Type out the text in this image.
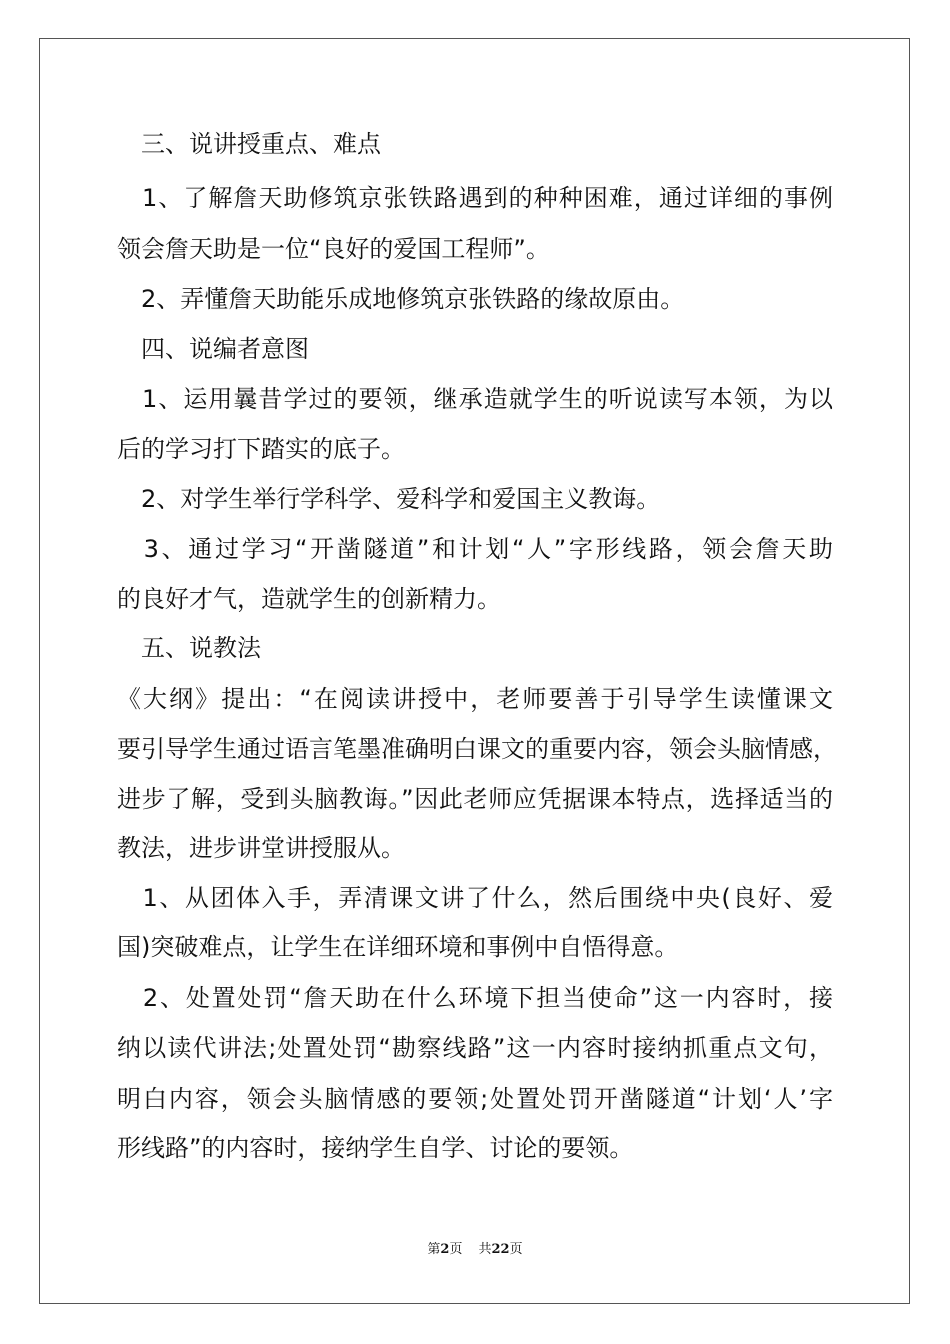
　三、说讲授重点、难点
　1、了解詹天助修筑京张铁路遇到的种种困难，通过详细的事例
领会詹天助是一位“良好的爱国工程师”。
　2、弄懂詹天助能乐成地修筑京张铁路的缘故原由。
　四、说编者意图
　1、运用曩昔学过的要领，继承造就学生的听说读写本领，为以
后的学习打下踏实的底子。
　2、对学生举行学科学、爱科学和爱国主义教诲。
　3、通过学习“开凿隧道”和计划“人”字形线路，领会詹天助
的良好才气，造就学生的创新精力。
　五、说教法
《大纲》提出：“在阅读讲授中，老师要善于引导学生读懂课文
要引导学生通过语言笔墨准确明白课文的重要内容，领会头脑情感，
进步了解，受到头脑教诲。”因此老师应凭据课本特点，选择适当的
教法，进步讲堂讲授服从。
　1、从团体入手，弄清课文讲了什么，然后围绕中央(良好、爱
国)突破难点，让学生在详细环境和事例中自悟得意。
　2、处置处罚“詹天助在什么环境下担当使命”这一内容时，接
纳以读代讲法;处置处罚“勘察线路”这一内容时接纳抓重点文句，
明白内容，领会头脑情感的要领;处置处罚开凿隧道“计划‘人’字
形线路”的内容时，接纳学生自学、讨论的要领。
第2页 共22页
